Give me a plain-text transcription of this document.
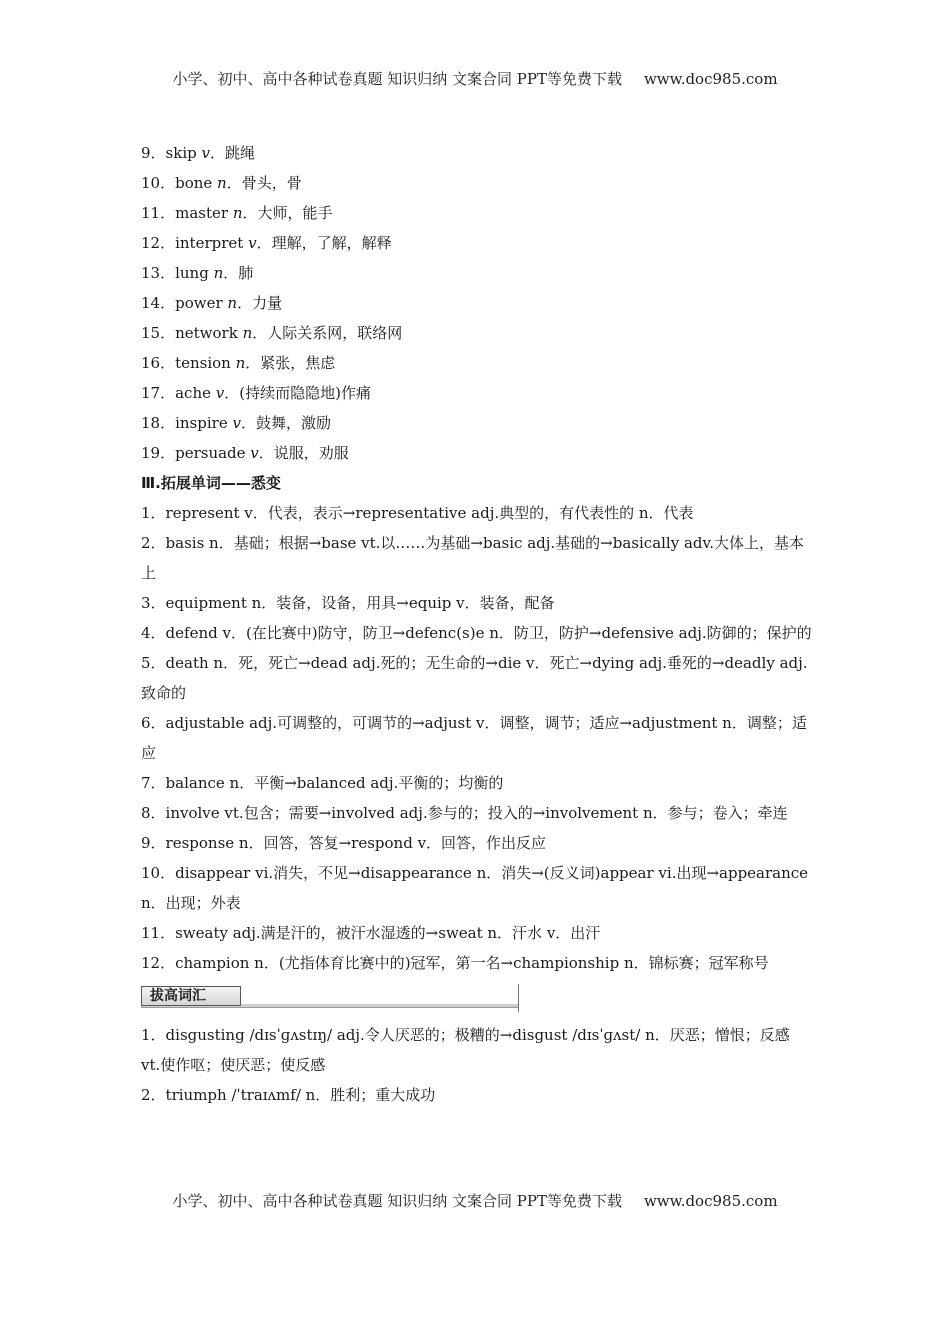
小学、初中、高中各种试卷真题 知识归纳 文案合同 PPT等免费下载 www.doc985.com
9．skip v．跳绳
10．bone n．骨头，骨
11．master n．大师，能手
12．interpret v．理解，了解，解释
13．lung n．肺
14．power n．力量
15．network n．人际关系网，联络网
16．tension n．紧张，焦虑
17．ache v．(持续而隐隐地)作痛
18．inspire v．鼓舞，激励
19．persuade v．说服，劝服
Ⅲ.拓展单词——悉变
1．represent v．代表，表示→representative adj.典型的，有代表性的 n．代表
2．basis n．基础；根据→base vt.以……为基础→basic adj.基础的→basically adv.大体上，基本上
3．equipment n．装备，设备，用具→equip v．装备，配备
4．defend v．(在比赛中)防守，防卫→defenc(s)e n．防卫，防护→defensive adj.防御的；保护的
5．death n．死，死亡→dead adj.死的；无生命的→die v．死亡→dying adj.垂死的→deadly adj.致命的
6．adjustable adj.可调整的，可调节的→adjust v．调整，调节；适应→adjustment n．调整；适应
7．balance n．平衡→balanced adj.平衡的；均衡的
8．involve vt.包含；需要→involved adj.参与的；投入的→involvement n．参与；卷入；牵连
9．response n．回答，答复→respond v．回答，作出反应
10．disappear vi.消失，不见→disappearance n．消失→(反义词)appear vi.出现→appearance n．出现；外表
11．sweaty adj.满是汗的，被汗水湿透的→sweat n．汗水 v．出汗
12．champion n．(尤指体育比赛中的)冠军，第一名→championship n．锦标赛；冠军称号
拔高词汇
1．disgusting /dɪsˈɡʌstɪŋ/ adj.令人厌恶的；极糟的→disgust /dɪsˈɡʌst/ n．厌恶；憎恨；反感 vt.使作呕；使厌恶；使反感
2．triumph /ˈtraɪʌmf/ n．胜利；重大成功
小学、初中、高中各种试卷真题 知识归纳 文案合同 PPT等免费下载 www.doc985.com
